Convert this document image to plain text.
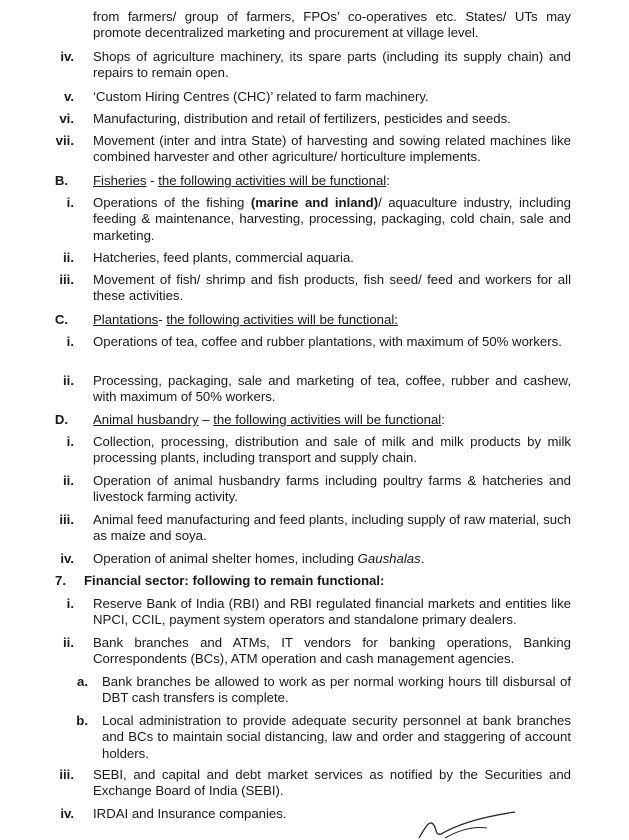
from farmers/ group of farmers, FPOs’ co-operatives etc. States/ UTs may promote decentralized marketing and procurement at village level.
iv. Shops of agriculture machinery, its spare parts (including its supply chain) and repairs to remain open.
v. ‘Custom Hiring Centres (CHC)’ related to farm machinery.
vi. Manufacturing, distribution and retail of fertilizers, pesticides and seeds.
vii. Movement (inter and intra State) of harvesting and sowing related machines like combined harvester and other agriculture/ horticulture implements.
B. Fisheries - the following activities will be functional:
i. Operations of the fishing (marine and inland)/ aquaculture industry, including feeding & maintenance, harvesting, processing, packaging, cold chain, sale and marketing.
ii. Hatcheries, feed plants, commercial aquaria.
iii. Movement of fish/ shrimp and fish products, fish seed/ feed and workers for all these activities.
C. Plantations- the following activities will be functional:
i. Operations of tea, coffee and rubber plantations, with maximum of 50% workers.
ii. Processing, packaging, sale and marketing of tea, coffee, rubber and cashew, with maximum of 50% workers.
D. Animal husbandry – the following activities will be functional:
i. Collection, processing, distribution and sale of milk and milk products by milk processing plants, including transport and supply chain.
ii. Operation of animal husbandry farms including poultry farms & hatcheries and livestock farming activity.
iii. Animal feed manufacturing and feed plants, including supply of raw material, such as maize and soya.
iv. Operation of animal shelter homes, including Gaushalas.
7. Financial sector: following to remain functional:
i. Reserve Bank of India (RBI) and RBI regulated financial markets and entities like NPCI, CCIL, payment system operators and standalone primary dealers.
ii. Bank branches and ATMs, IT vendors for banking operations, Banking Correspondents (BCs), ATM operation and cash management agencies.
a. Bank branches be allowed to work as per normal working hours till disbursal of DBT cash transfers is complete.
b. Local administration to provide adequate security personnel at bank branches and BCs to maintain social distancing, law and order and staggering of account holders.
iii. SEBI, and capital and debt market services as notified by the Securities and Exchange Board of India (SEBI).
iv. IRDAI and Insurance companies.
